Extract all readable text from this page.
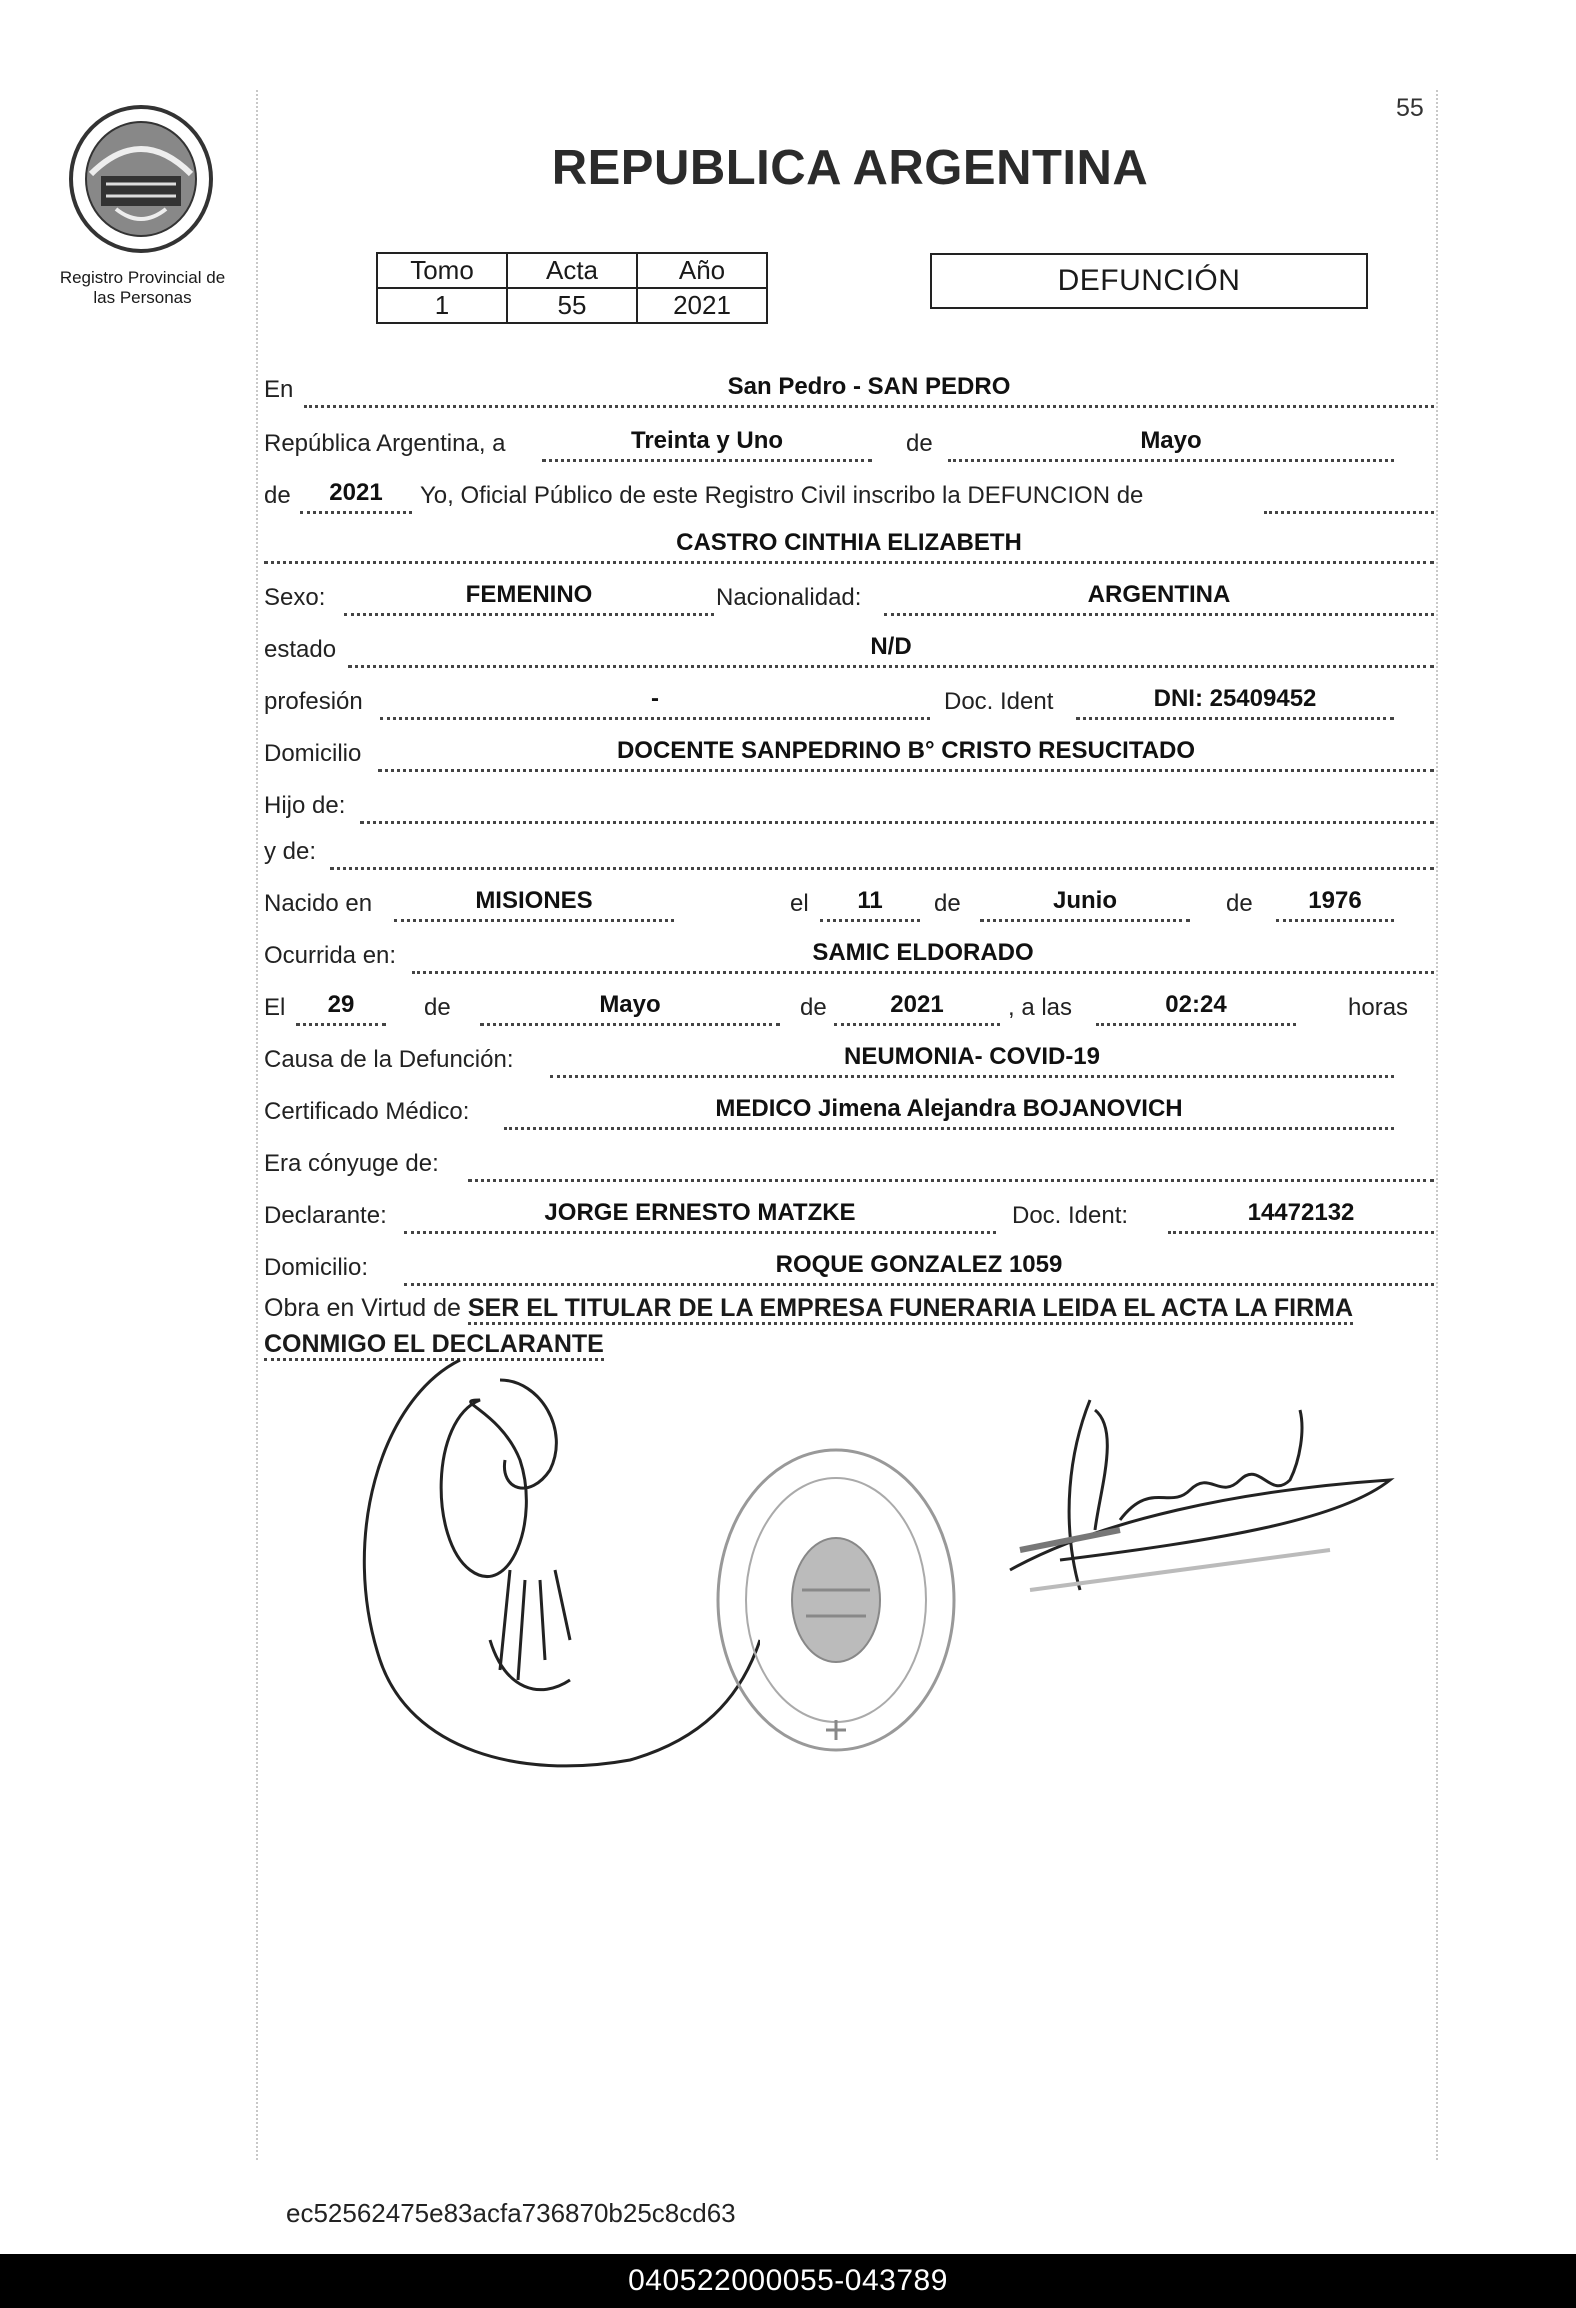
55
Registro Provincial de
las Personas
REPUBLICA ARGENTINA
Tomo	Acta	Año
1	55	2021
DEFUNCIÓN
En	San Pedro - SAN PEDRO
República Argentina, a	Treinta y Uno	de	Mayo
de	2021	Yo, Oficial Público de este Registro Civil inscribo la DEFUNCION de
CASTRO CINTHIA ELIZABETH
Sexo:	FEMENINO	Nacionalidad:	ARGENTINA
estado	N/D
profesión	-	Doc. Ident	DNI: 25409452
Domicilio	DOCENTE SANPEDRINO B° CRISTO RESUCITADO
Hijo de:
y de:
Nacido en	MISIONES	el	11	de	Junio	de	1976
Ocurrida en:	SAMIC ELDORADO
El	29	de	Mayo	de	2021	, a las	02:24	horas
Causa de la Defunción:	NEUMONIA- COVID-19
Certificado Médico:	MEDICO Jimena Alejandra BOJANOVICH
Era cónyuge de:
Declarante:	JORGE ERNESTO MATZKE	Doc. Ident:	14472132
Domicilio:	ROQUE GONZALEZ 1059
Obra en Virtud de SER EL TITULAR DE LA EMPRESA FUNERARIA LEIDA EL ACTA LA FIRMA CONMIGO EL DECLARANTE
ec52562475e83acfa736870b25c8cd63
040522000055-043789
